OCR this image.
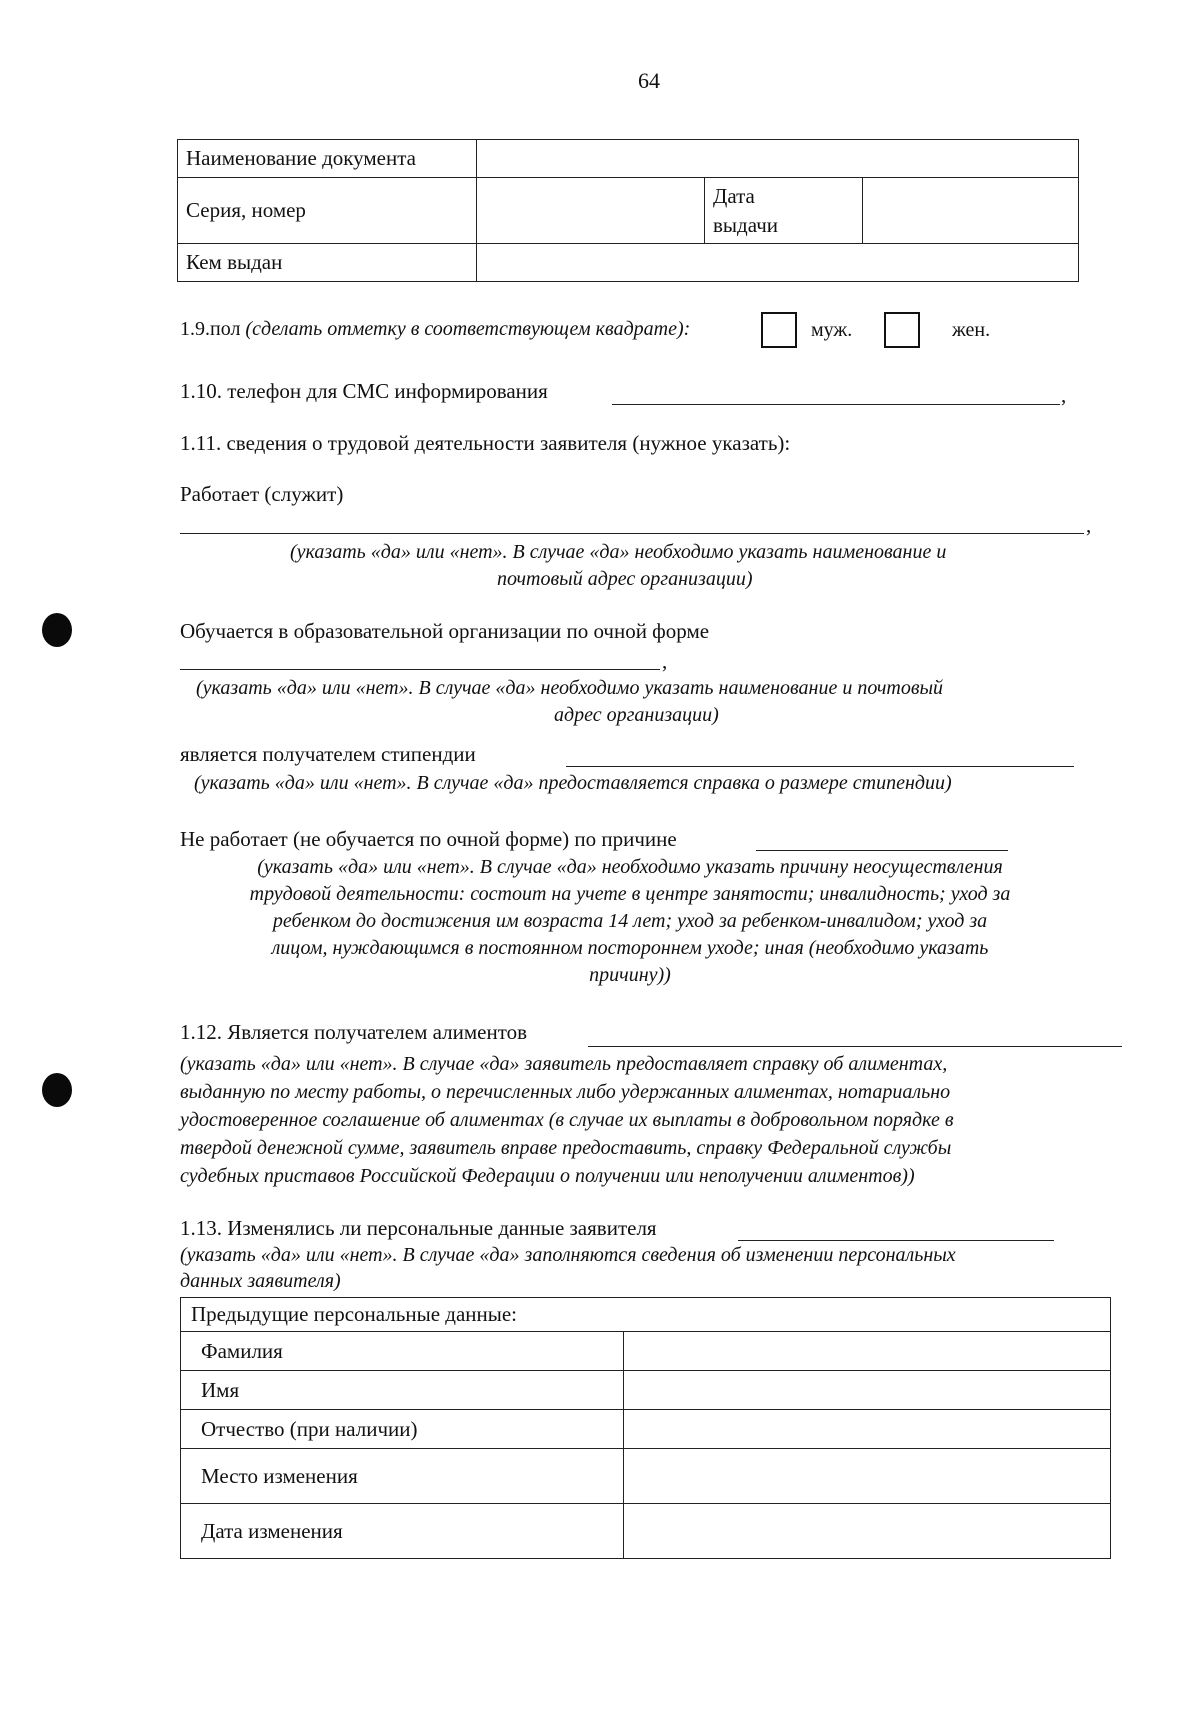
64
Наименование документа			
Серия, номер		Дата
выдачи	

Кем выдан			
1.9.пол (сделать отметку в соответствующем квадрате):	муж.	жен.
1.10. телефон для СМС информирования	,
1.11. сведения о трудовой деятельности заявителя (нужное указать):
Работает (служит)
,
(указать «да» или «нет». В случае «да» необходимо указать наименование и
почтовый адрес организации)
Обучается в образовательной организации по очной форме
,
(указать «да» или «нет». В случае «да» необходимо указать наименование и почтовый
адрес организации)
является получателем стипендии
(указать «да» или «нет». В случае «да» предоставляется справка о размере стипендии)
Не работает (не обучается по очной форме) по причине
(указать «да» или «нет». В случае «да» необходимо указать причину неосуществления
трудовой деятельности: состоит на учете в центре занятости; инвалидность; уход за
ребенком до достижения им возраста 14 лет; уход за ребенком-инвалидом; уход за
лицом, нуждающимся в постоянном постороннем уходе; иная (необходимо указать
причину))
1.12. Является получателем алиментов
(указать «да» или «нет». В случае «да» заявитель предоставляет справку об алиментах,
выданную по месту работы, о перечисленных либо удержанных алиментах, нотариально
удостоверенное соглашение об алиментах (в случае их выплаты в добровольном порядке в
твердой денежной сумме, заявитель вправе предоставить, справку Федеральной службы
судебных приставов Российской Федерации о получении или неполучении алиментов))
1.13. Изменялись ли персональные данные заявителя
(указать «да» или «нет». В случае «да» заполняются сведения об изменении персональных
данных заявителя)
Предыдущие персональные данные:	
Фамилия	
Имя	
Отчество (при наличии)	
Место изменения	
Дата изменения	
